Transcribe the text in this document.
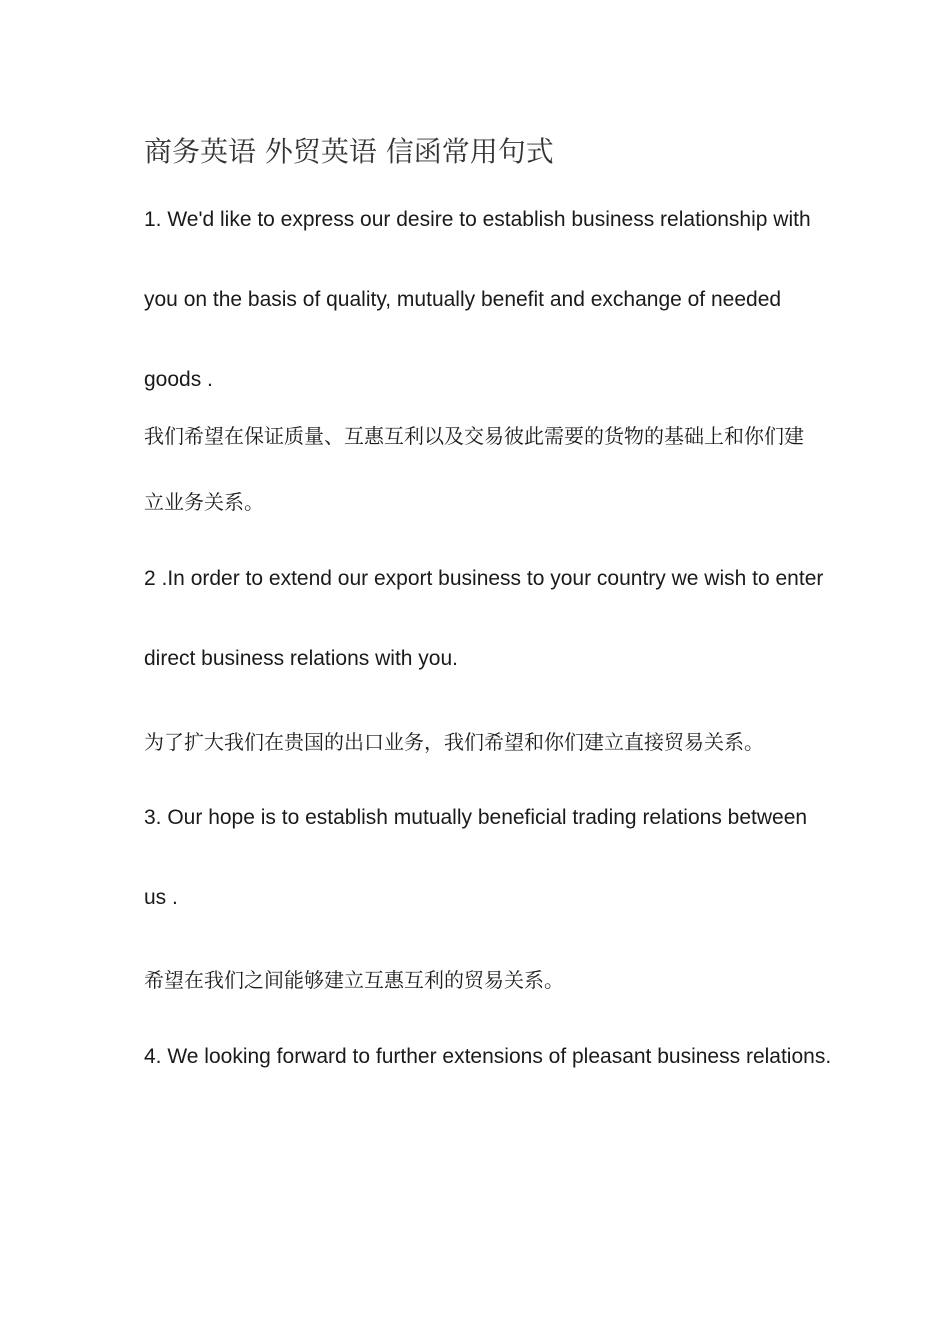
商务英语 外贸英语 信函常用句式
1. We'd like to express our desire to establish business relationship with
you on the basis of quality, mutually benefit and exchange of needed
goods .
我们希望在保证质量、互惠互利以及交易彼此需要的货物的基础上和你们建
立业务关系。
2 .In order to extend our export business to your country we wish to enter
direct business relations with you.
为了扩大我们在贵国的出口业务，我们希望和你们建立直接贸易关系。
3. Our hope is to establish mutually beneficial trading relations between
us .
希望在我们之间能够建立互惠互利的贸易关系。
4. We looking forward to further extensions of pleasant business relations.
